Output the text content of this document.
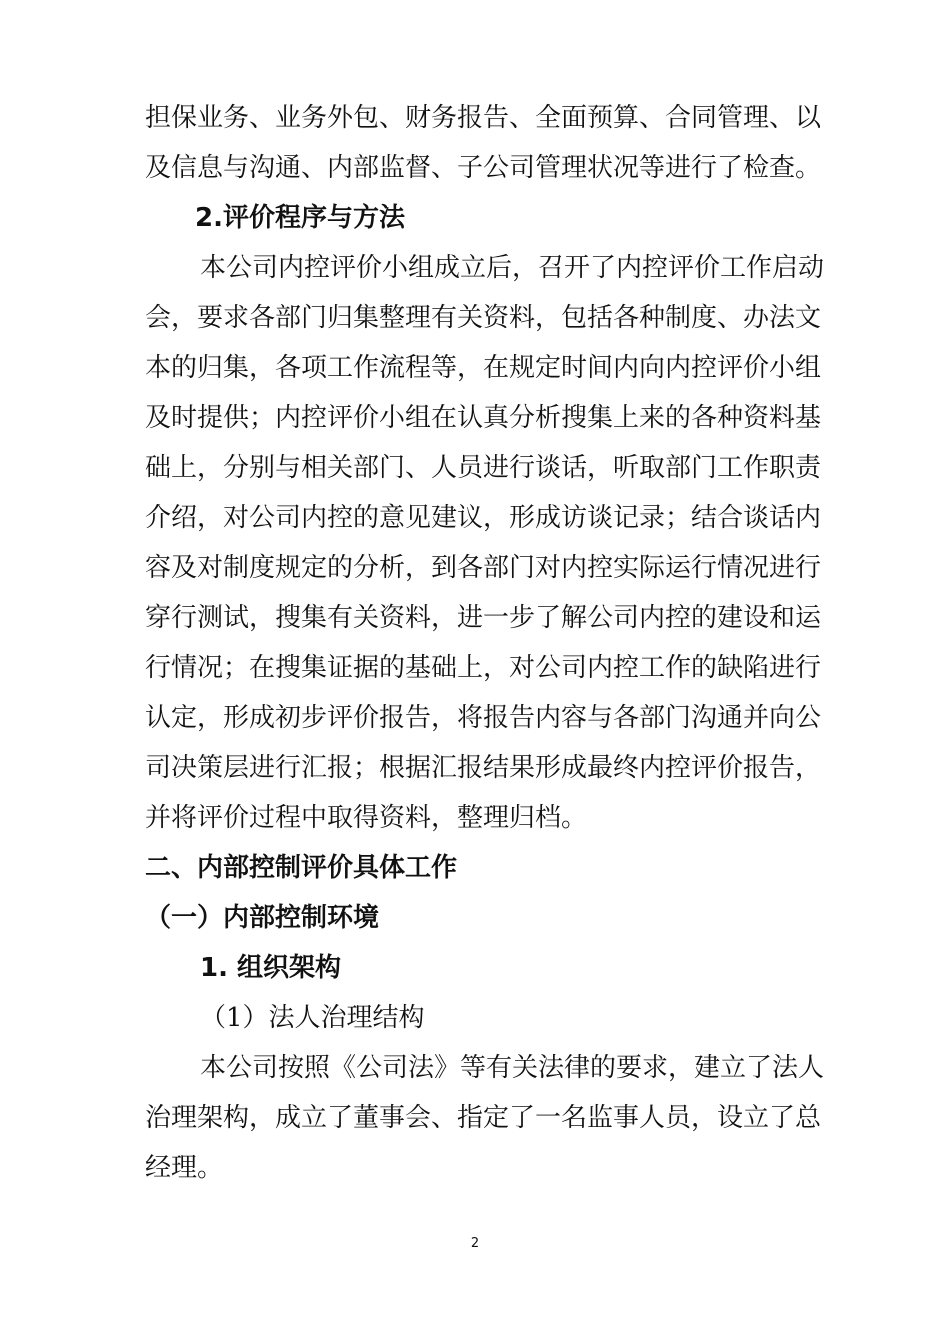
担保业务、业务外包、财务报告、全面预算、合同管理、以
及信息与沟通、内部监督、子公司管理状况等进行了检查。
2.评价程序与方法
本公司内控评价小组成立后，召开了内控评价工作启动
会，要求各部门归集整理有关资料，包括各种制度、办法文
本的归集，各项工作流程等，在规定时间内向内控评价小组
及时提供；内控评价小组在认真分析搜集上来的各种资料基
础上，分别与相关部门、人员进行谈话，听取部门工作职责
介绍，对公司内控的意见建议，形成访谈记录；结合谈话内
容及对制度规定的分析，到各部门对内控实际运行情况进行
穿行测试，搜集有关资料，进一步了解公司内控的建设和运
行情况；在搜集证据的基础上，对公司内控工作的缺陷进行
认定，形成初步评价报告，将报告内容与各部门沟通并向公
司决策层进行汇报；根据汇报结果形成最终内控评价报告，
并将评价过程中取得资料，整理归档。
二、内部控制评价具体工作
（一）内部控制环境
1. 组织架构
（1）法人治理结构
本公司按照《公司法》等有关法律的要求，建立了法人
治理架构，成立了董事会、指定了一名监事人员，设立了总
经理。
2
